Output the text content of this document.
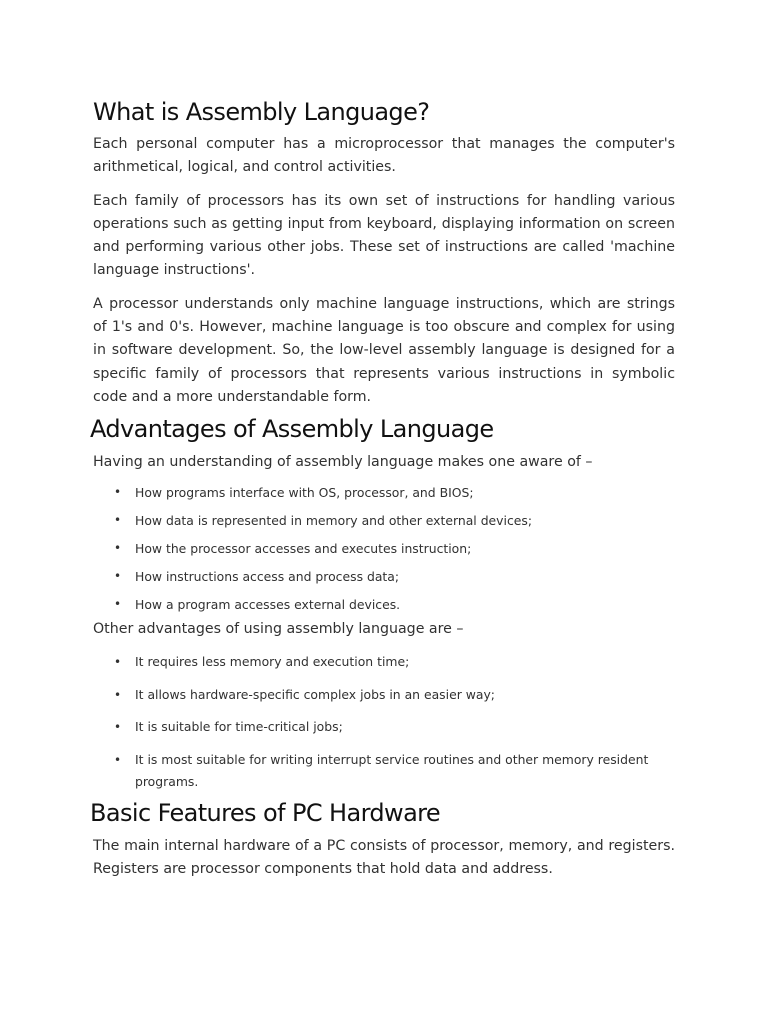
What is Assembly Language?

Each personal computer has a microprocessor that manages the computer's arithmetical, logical, and control activities.

Each family of processors has its own set of instructions for handling various operations such as getting input from keyboard, displaying information on screen and performing various other jobs. These set of instructions are called 'machine language instructions'.

A processor understands only machine language instructions, which are strings of 1's and 0's. However, machine language is too obscure and complex for using in software development. So, the low-level assembly language is designed for a specific family of processors that represents various instructions in symbolic code and a more understandable form.

Advantages of Assembly Language

Having an understanding of assembly language makes one aware of –

• How programs interface with OS, processor, and BIOS;
• How data is represented in memory and other external devices;
• How the processor accesses and executes instruction;
• How instructions access and process data;
• How a program accesses external devices.

Other advantages of using assembly language are –

• It requires less memory and execution time;
• It allows hardware-specific complex jobs in an easier way;
• It is suitable for time-critical jobs;
• It is most suitable for writing interrupt service routines and other memory resident programs.
Basic Features of PC Hardware

The main internal hardware of a PC consists of processor, memory, and registers. Registers are processor components that hold data and address.
